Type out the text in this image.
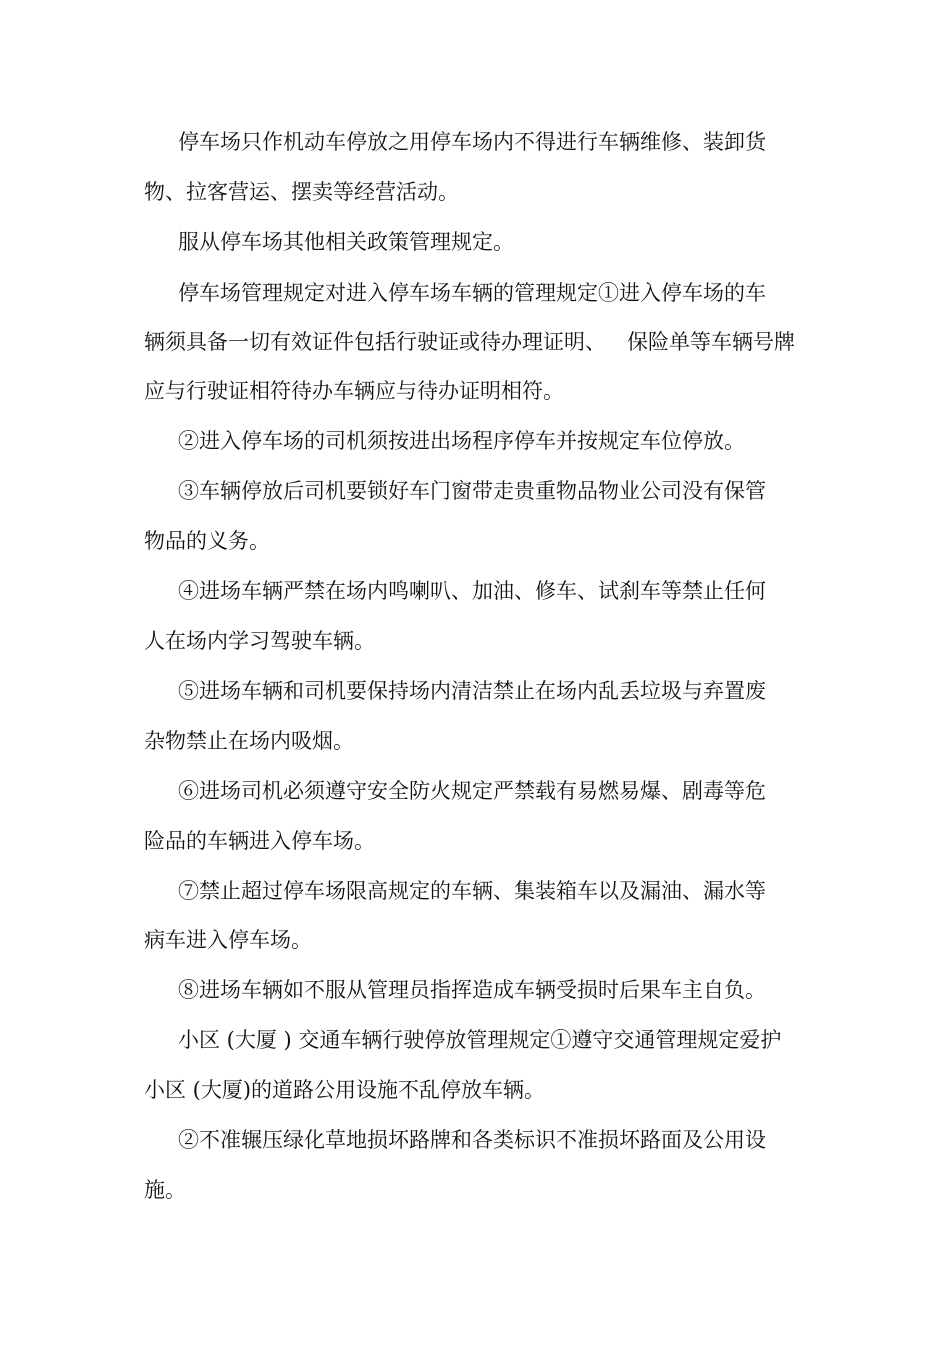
停车场只作机动车停放之用停车场内不得进行车辆维修、装卸货

物、拉客营运、摆卖等经营活动。

服从停车场其他相关政策管理规定。

停车场管理规定对进入停车场车辆的管理规定①进入停车场的车

辆须具备一切有效证件包括行驶证或待办理证明、

保险单等车辆号牌

应与行驶证相符待办车辆应与待办证明相符。

②进入停车场的司机须按进出场程序停车并按规定车位停放。

③车辆停放后司机要锁好车门窗带走贵重物品物业公司没有保管

物品的义务。

④进场车辆严禁在场内鸣喇叭、加油、修车、试刹车等禁止任何

人在场内学习驾驶车辆。

⑤进场车辆和司机要保持场内清洁禁止在场内乱丢垃圾与弃置废

杂物禁止在场内吸烟。

⑥进场司机必须遵守安全防火规定严禁载有易燃易爆、剧毒等危

险品的车辆进入停车场。

⑦禁止超过停车场限高规定的车辆、集装箱车以及漏油、漏水等

病车进入停车场。

⑧进场车辆如不服从管理员指挥造成车辆受损时后果车主自负。

小区 (大厦 ) 交通车辆行驶停放管理规定①遵守交通管理规定爱护

小区 (大厦)的道路公用设施不乱停放车辆。

②不准辗压绿化草地损坏路牌和各类标识不准损坏路面及公用设

施。
